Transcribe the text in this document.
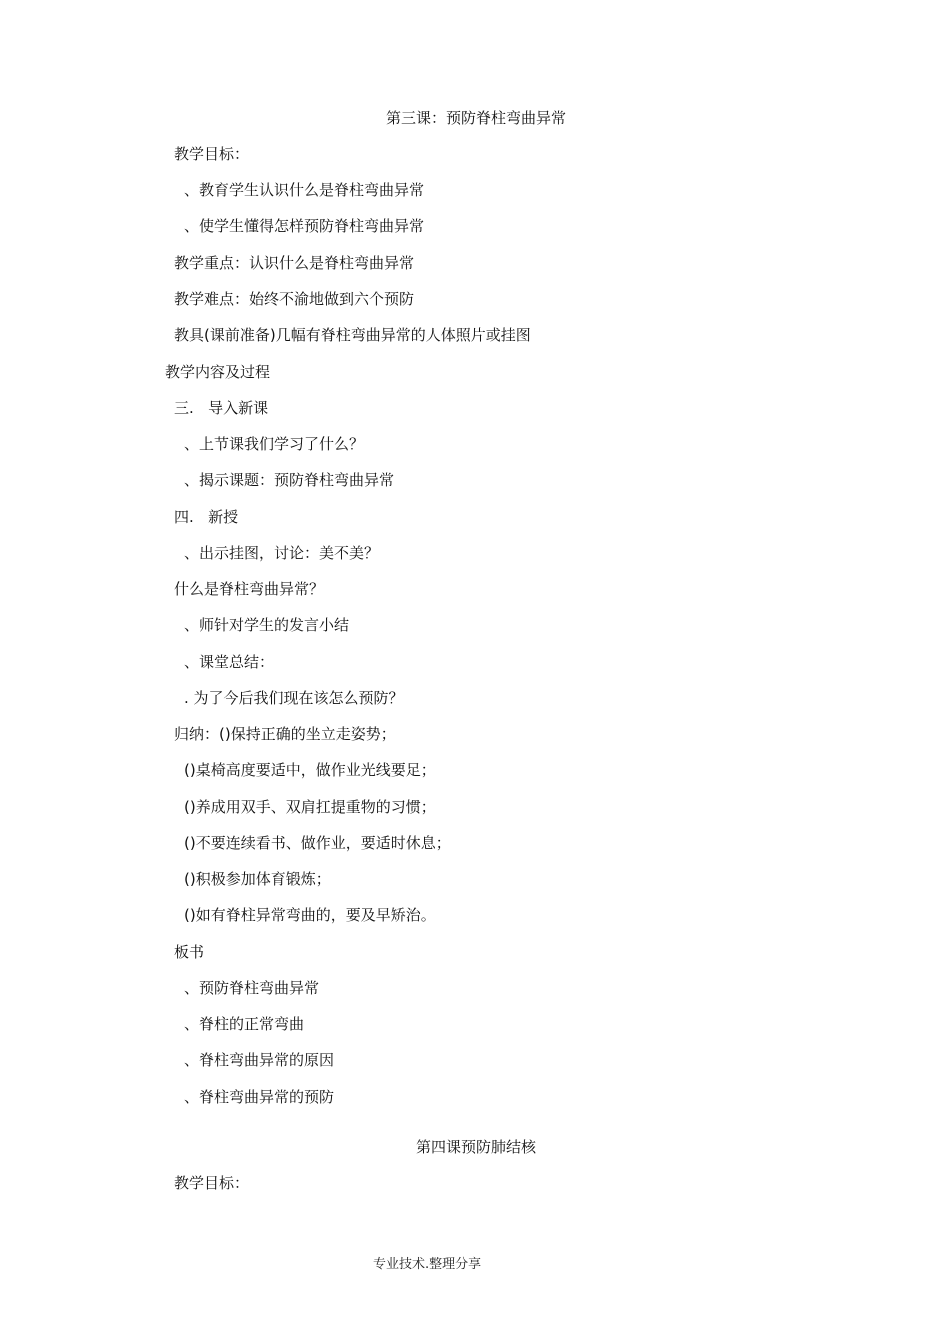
第三课：预防脊柱弯曲异常
教学目标：
、教育学生认识什么是脊柱弯曲异常
、使学生懂得怎样预防脊柱弯曲异常
教学重点：认识什么是脊柱弯曲异常
教学难点：始终不渝地做到六个预防
教具(课前准备)几幅有脊柱弯曲异常的人体照片或挂图
教学内容及过程
三.   导入新课
、上节课我们学习了什么？
、揭示课题：预防脊柱弯曲异常
四.   新授
、出示挂图，讨论：美不美？
什么是脊柱弯曲异常？
、师针对学生的发言小结
、课堂总结：
. 为了今后我们现在该怎么预防？
归纳：()保持正确的坐立走姿势；
()桌椅高度要适中，做作业光线要足；
()养成用双手、双肩扛提重物的习惯；
()不要连续看书、做作业，要适时休息；
()积极参加体育锻炼；
()如有脊柱异常弯曲的，要及早矫治。
板书
、预防脊柱弯曲异常
、脊柱的正常弯曲
、脊柱弯曲异常的原因
、脊柱弯曲异常的预防
第四课预防肺结核
教学目标：
专业技术.整理分享
